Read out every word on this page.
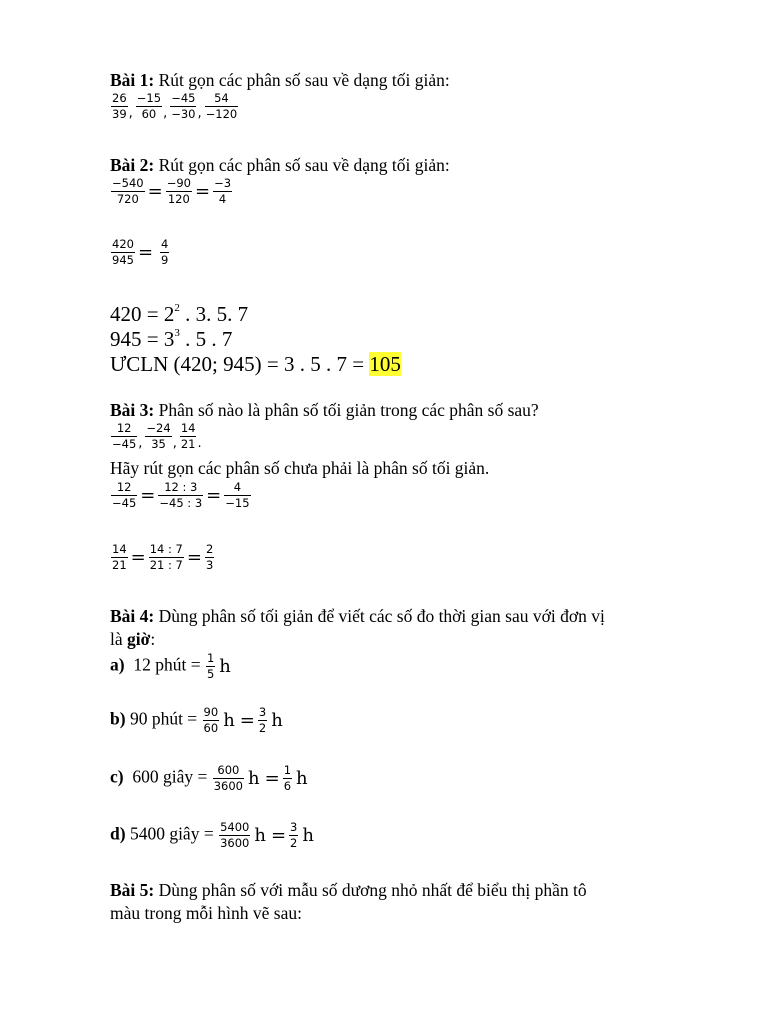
Bài 1: Rút gọn các phân số sau về dạng tối giản:
$\frac{26}{39}$ , $\frac{-15}{60}$ , $\frac{-45}{-30}$ , $\frac{54}{-120}$
Bài 2: Rút gọn các phân số sau về dạng tối giản:
$\frac{-540}{720} = \frac{-90}{120} = \frac{-3}{4}$
$\frac{420}{945} = \frac{4}{9}$
$420 = 2^2$ . 3. 5. 7
$945 = 3^3$ . 5 . 7
ƯCLN (420; 945) = 3 . 5 . 7 = 105
Bài 3: Phân số nào là phân số tối giản trong các phân số sau?
$\frac{12}{-45}$ , $\frac{-24}{35}$ , $\frac{14}{21}$ .
Hãy rút gọn các phân số chưa phải là phân số tối giản.
$\frac{12}{-45} = \frac{12 : 3}{-45 : 3} = \frac{4}{-15}$
$\frac{14}{21} = \frac{14 : 7}{21 : 7} = \frac{2}{3}$
Bài 4: Dùng phân số tối giản để viết các số đo thời gian sau với đơn vị
là giờ:
a) 12 phút = $\frac{1}{5}$ h
b) 90 phút = $\frac{90}{60}$ $h = \frac{3}{2}$ h
c) 600 giây = $\frac{600}{3600}$ $h = \frac{1}{6}$ h
d) 5400 giây = $\frac{5400}{3600}$ $h = \frac{3}{2}$ h
Bài 5: Dùng phân số với mẫu số dương nhỏ nhất để biểu thị phần tô
màu trong mỗi hình vẽ sau:
